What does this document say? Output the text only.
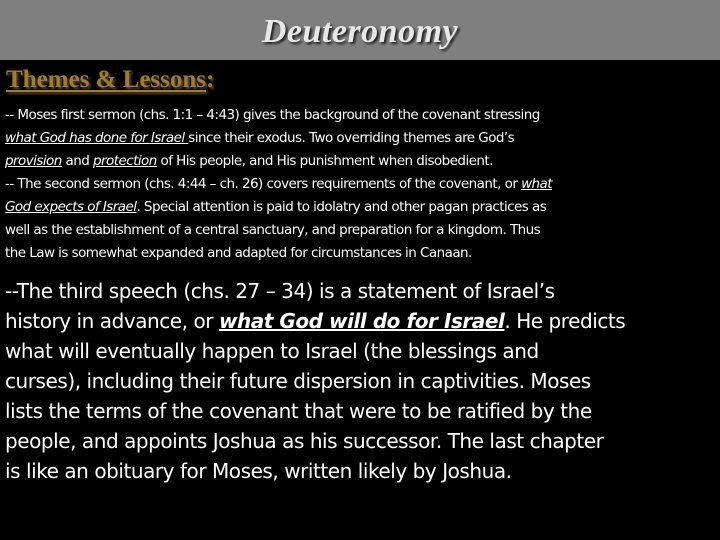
Deuteronomy
Themes & Lessons:
-- Moses first sermon (chs. 1:1 – 4:43) gives the background of the covenant stressing
what God has done for Israel since their exodus. Two overriding themes are God’s
provision and protection of His people, and His punishment when disobedient.
-- The second sermon (chs. 4:44 – ch. 26) covers requirements of the covenant, or what
God expects of Israel. Special attention is paid to idolatry and other pagan practices as
well as the establishment of a central sanctuary, and preparation for a kingdom. Thus
the Law is somewhat expanded and adapted for circumstances in Canaan.
--The third speech (chs. 27 – 34) is a statement of Israel’s
history in advance, or what God will do for Israel. He predicts
what will eventually happen to Israel (the blessings and
curses), including their future dispersion in captivities. Moses
lists the terms of the covenant that were to be ratified by the
people, and appoints Joshua as his successor. The last chapter
is like an obituary for Moses, written likely by Joshua.
